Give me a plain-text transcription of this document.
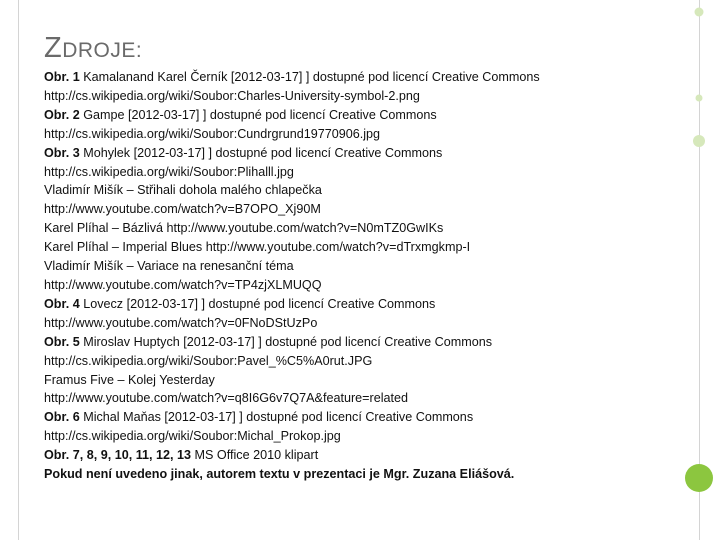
ZDROJE:

Obr. 1 Kamalanand Karel Černík [2012-03-17] ] dostupné pod licencí Creative Commons
http://cs.wikipedia.org/wiki/Soubor:Charles-University-symbol-2.png

Obr. 2 Gampe [2012-03-17] ] dostupné pod licencí Creative Commons
http://cs.wikipedia.org/wiki/Soubor:Cundrgrund19770906.jpg

Obr. 3 Mohylek [2012-03-17] ] dostupné pod licencí Creative Commons
http://cs.wikipedia.org/wiki/Soubor:Plihalll.jpg

Vladimír Mišík – Střihali dohola malého chlapečka
http://www.youtube.com/watch?v=B7OPO_Xj90M

Karel Plíhal – Bázlivá http://www.youtube.com/watch?v=N0mTZ0GwIKs

Karel Plíhal – Imperial Blues http://www.youtube.com/watch?v=dTrxmgkmp-I

Vladimír Mišík – Variace na renesanční téma
http://www.youtube.com/watch?v=TP4zjXLMUQQ

Obr. 4 Lovecz [2012-03-17] ] dostupné pod licencí Creative Commons
http://www.youtube.com/watch?v=0FNoDStUzPo

Obr. 5 Miroslav Huptych [2012-03-17] ] dostupné pod licencí Creative Commons
http://cs.wikipedia.org/wiki/Soubor:Pavel_%C5%A0rut.JPG

Framus Five – Kolej Yesterday
http://www.youtube.com/watch?v=q8I6G6v7Q7A&feature=related

Obr. 6 Michal Maňas [2012-03-17] ] dostupné pod licencí Creative Commons
http://cs.wikipedia.org/wiki/Soubor:Michal_Prokop.jpg

Obr. 7, 8, 9, 10, 11, 12, 13 MS Office 2010 klipart

Pokud není uvedeno jinak, autorem textu v prezentaci je Mgr. Zuzana Eliášová.
